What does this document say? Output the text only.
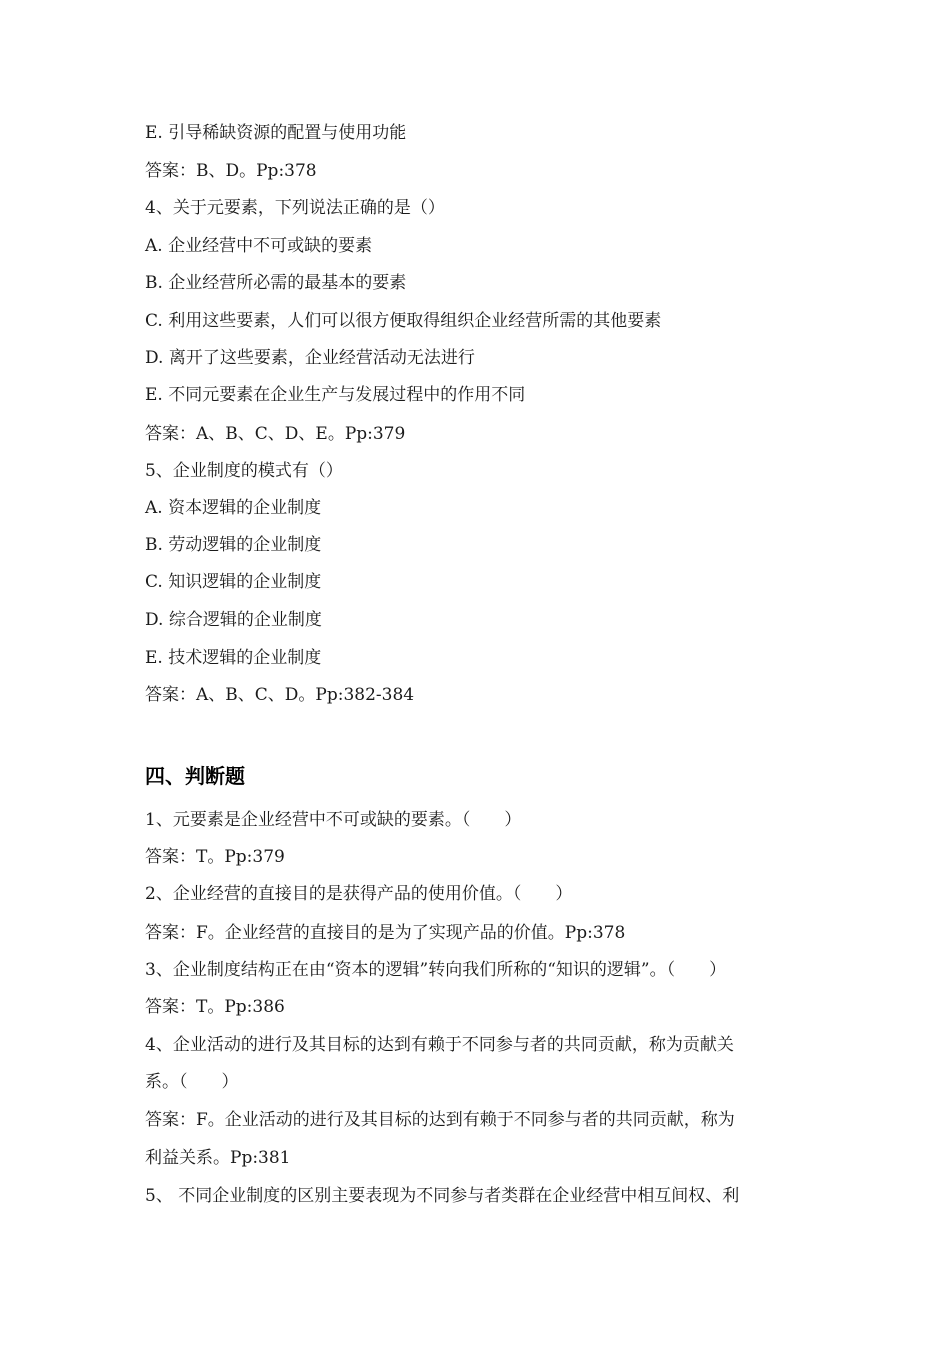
E. 引导稀缺资源的配置与使用功能
答案：B、D。Pp:378
4、关于元要素，下列说法正确的是（）
A. 企业经营中不可或缺的要素
B. 企业经营所必需的最基本的要素
C. 利用这些要素，人们可以很方便取得组织企业经营所需的其他要素
D. 离开了这些要素，企业经营活动无法进行
E. 不同元要素在企业生产与发展过程中的作用不同
答案：A、B、C、D、E。Pp:379
5、企业制度的模式有（）
A. 资本逻辑的企业制度
B. 劳动逻辑的企业制度
C. 知识逻辑的企业制度
D. 综合逻辑的企业制度
E. 技术逻辑的企业制度
答案：A、B、C、D。Pp:382-384
四、判断题
1、元要素是企业经营中不可或缺的要素。（　　）
答案：T。Pp:379
2、企业经营的直接目的是获得产品的使用价值。（　　）
答案：F。企业经营的直接目的是为了实现产品的价值。Pp:378
3、企业制度结构正在由“资本的逻辑”转向我们所称的“知识的逻辑”。（　　）
答案：T。Pp:386
4、企业活动的进行及其目标的达到有赖于不同参与者的共同贡献，称为贡献关
系。（　　）
答案：F。企业活动的进行及其目标的达到有赖于不同参与者的共同贡献，称为
利益关系。Pp:381
5、 不同企业制度的区别主要表现为不同参与者类群在企业经营中相互间权、利
